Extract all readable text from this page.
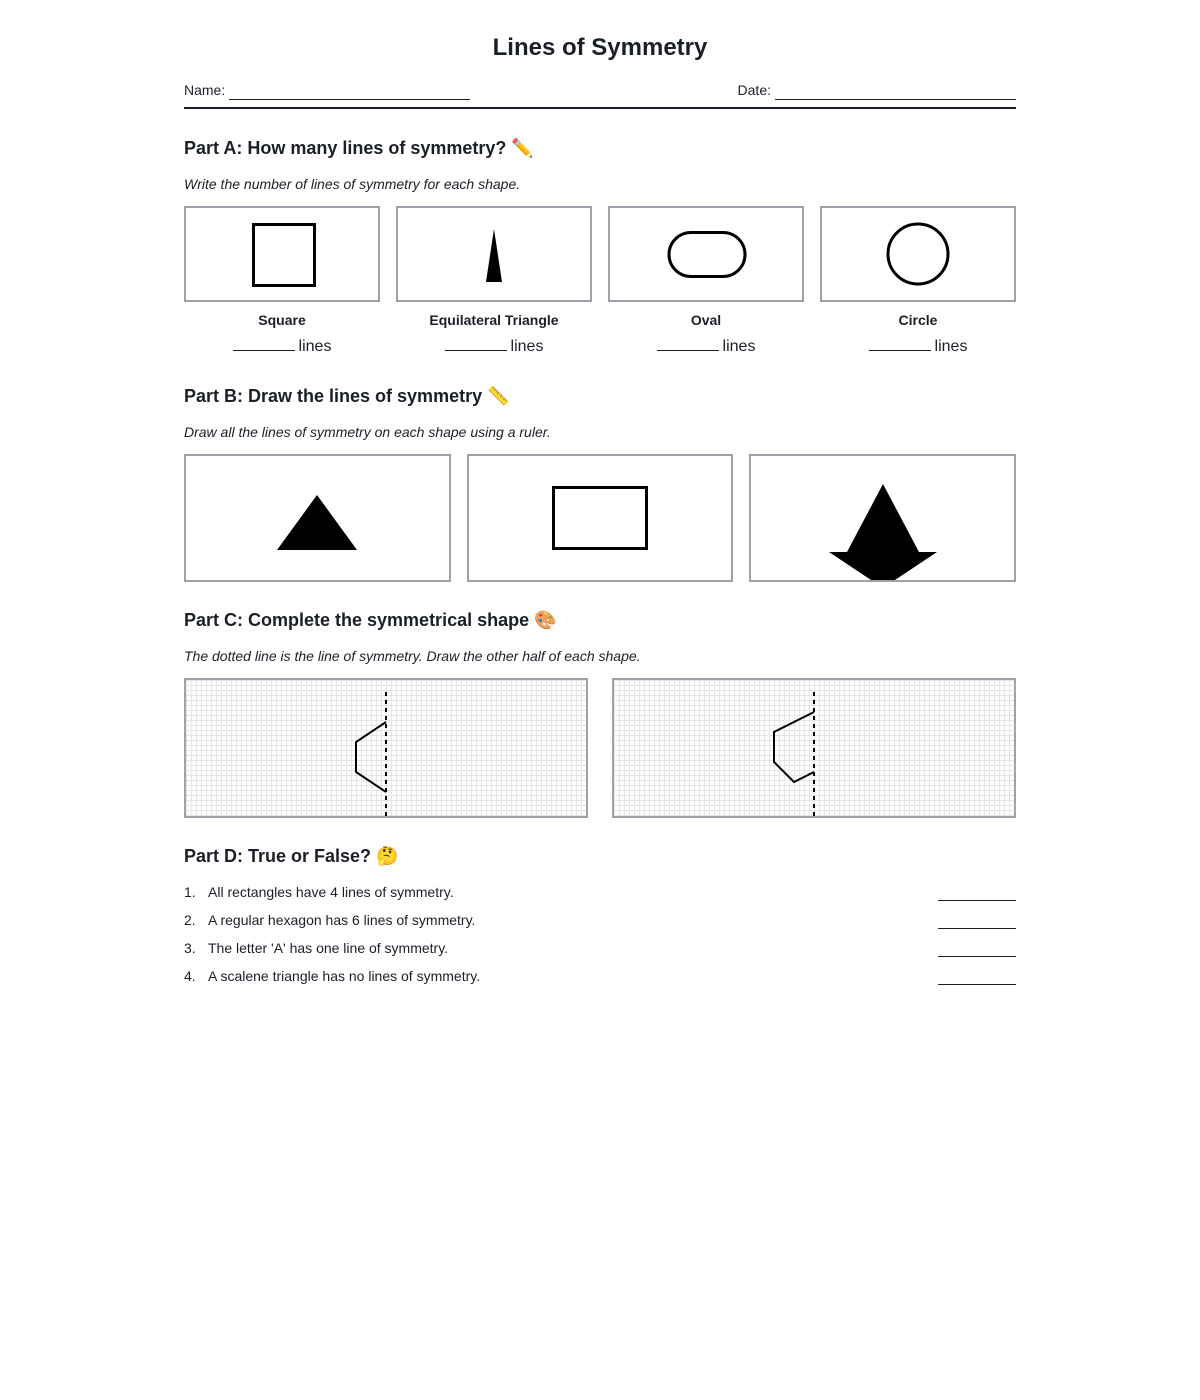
Lines of Symmetry
Name:	Date:
Part A: How many lines of symmetry? ✏️
Write the number of lines of symmetry for each shape.
Square	Equilateral Triangle	Oval	Circle
lines	lines	lines	lines
Part B: Draw the lines of symmetry 📏
Draw all the lines of symmetry on each shape using a ruler.
Part C: Complete the symmetrical shape 🎨
The dotted line is the line of symmetry. Draw the other half of each shape.
Part D: True or False? 🤔
1. All rectangles have 4 lines of symmetry.
2. A regular hexagon has 6 lines of symmetry.
3. The letter 'A' has one line of symmetry.
4. A scalene triangle has no lines of symmetry.
